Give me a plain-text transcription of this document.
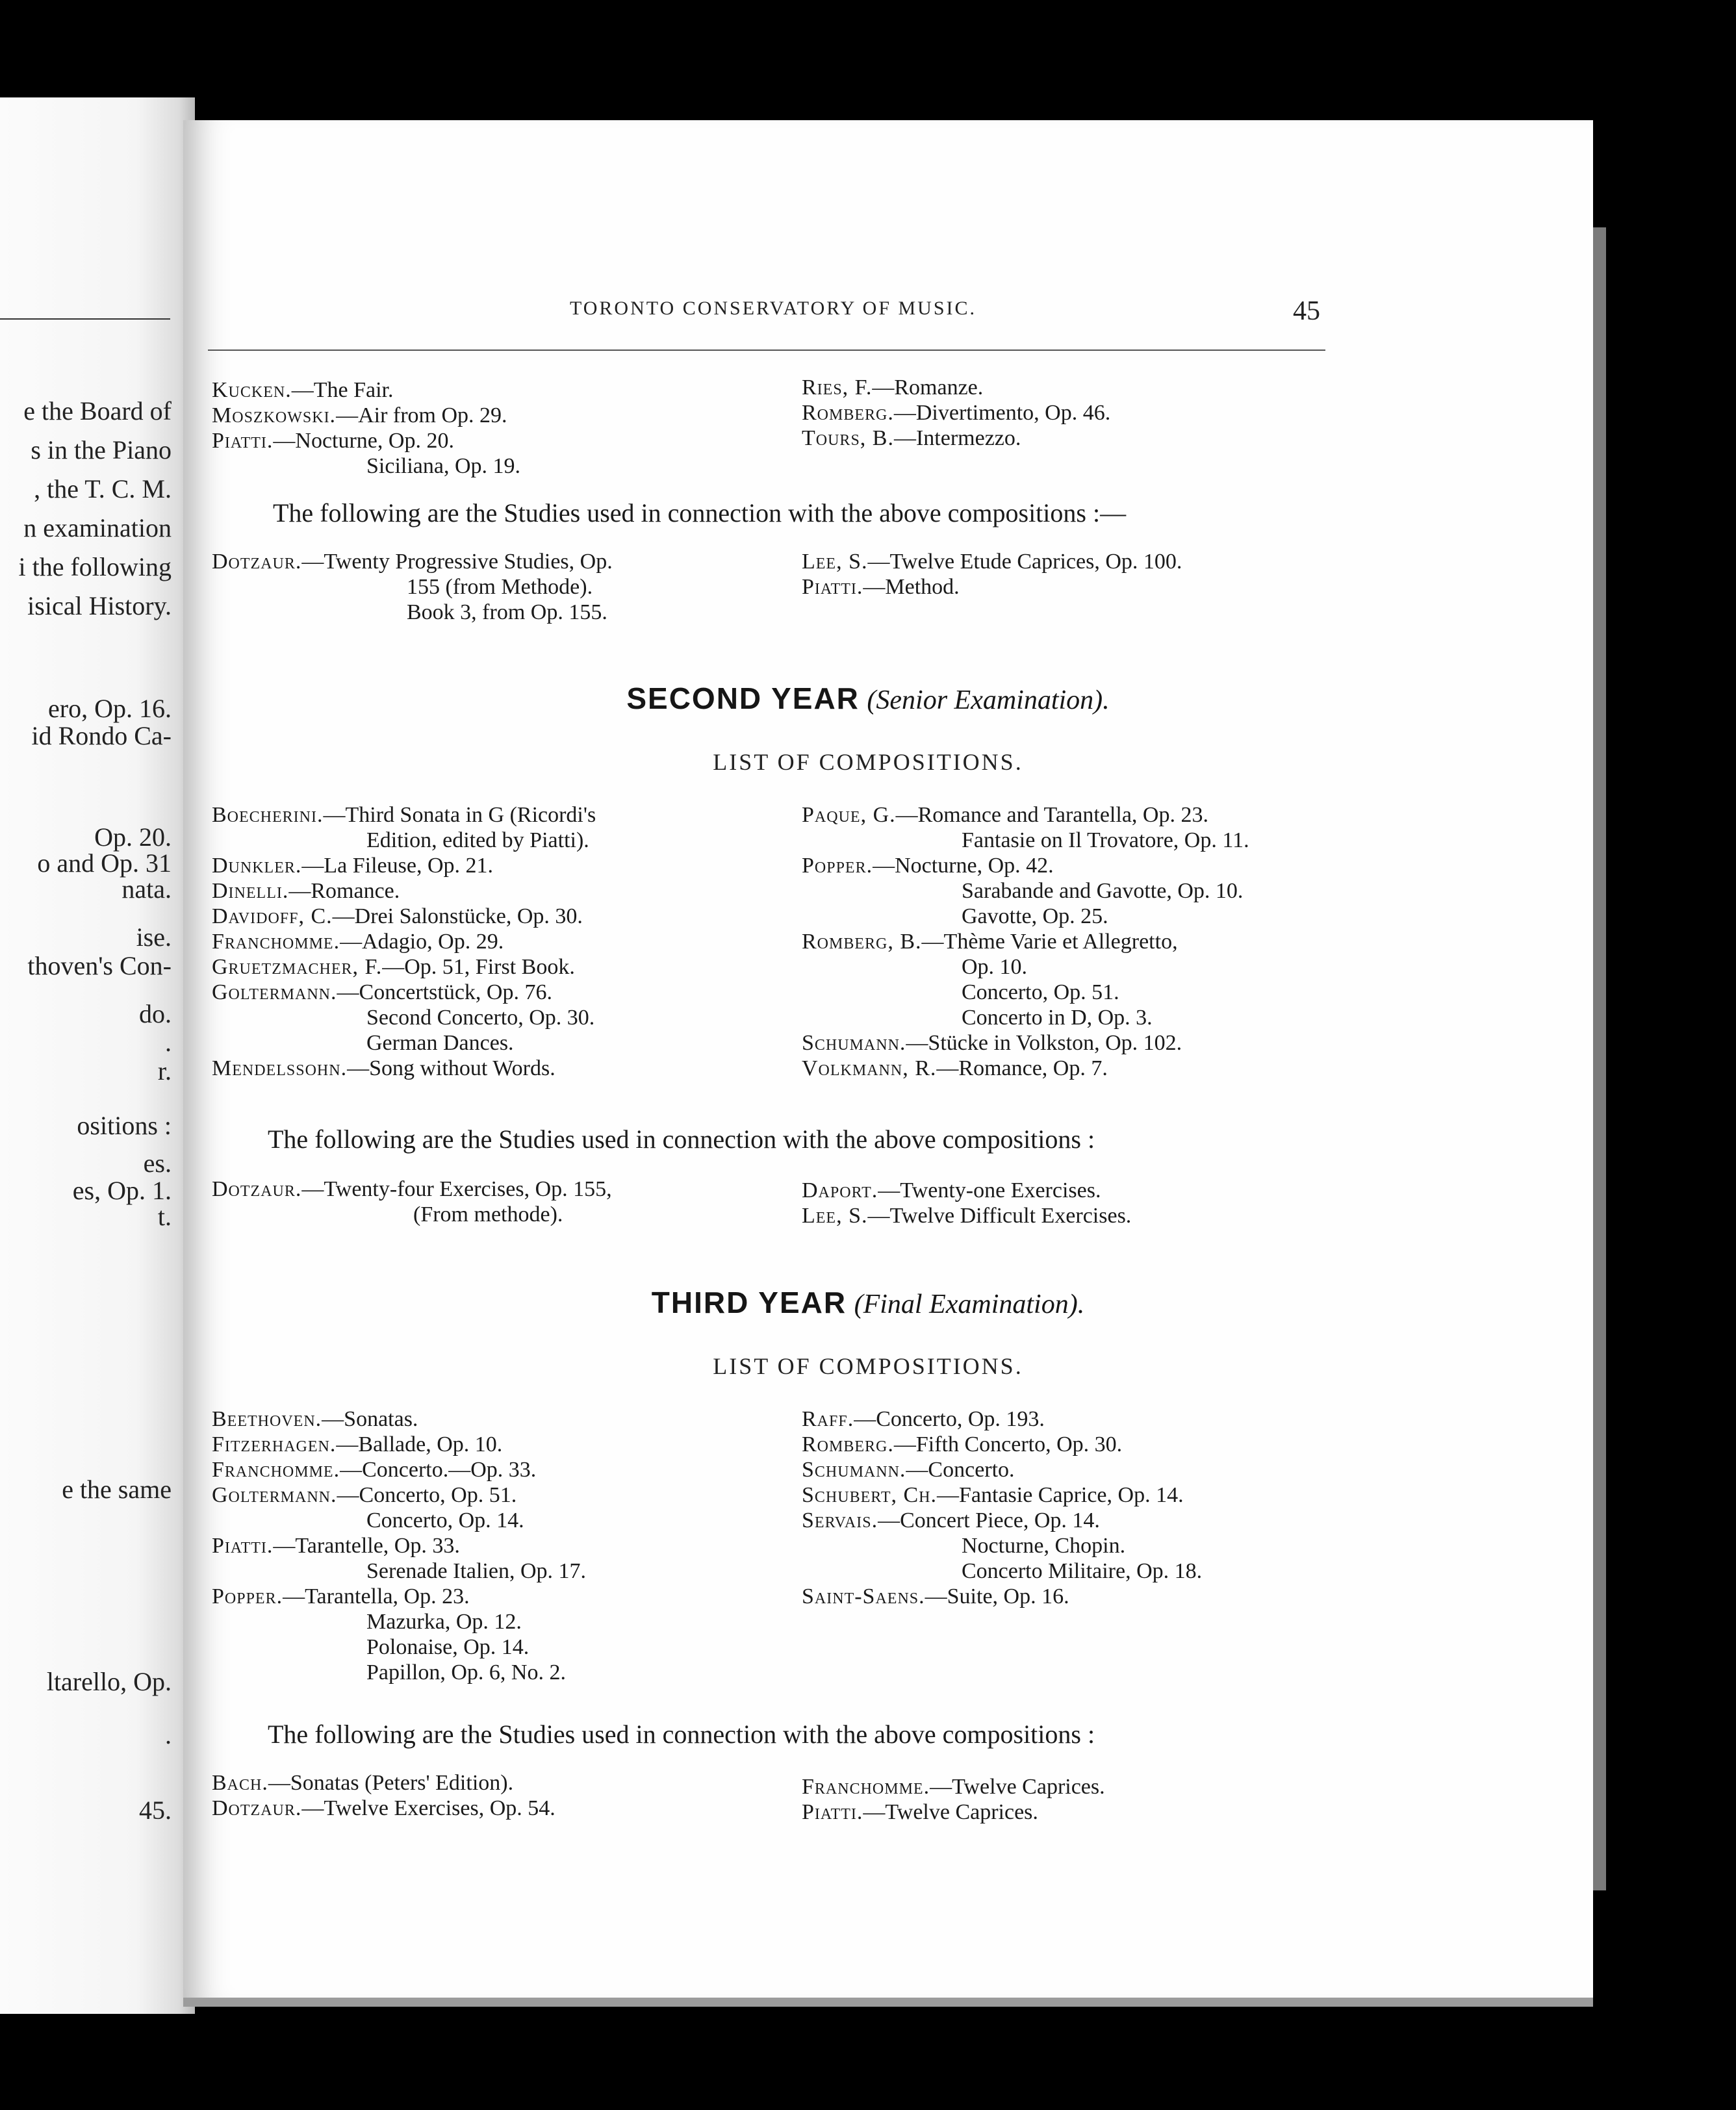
e the Board of
s in the Piano
, the T. C. M.
n examination
i the following
isical History.
ero, Op. 16.
id Rondo Ca-
Op. 20.
o and Op. 31
nata.
ise.
thoven's Con-
do.
.
r.
ositions :
es.
es, Op. 1.
t.
e the same
ltarello, Op.
.
45.
TORONTO CONSERVATORY OF MUSIC.	45
Kucken.—The Fair.
Moszkowski.—Air from Op. 29.
Piatti.—Nocturne, Op. 20.
Siciliana, Op. 19.
Ries, F.—Romanze.
Romberg.—Divertimento, Op. 46.
Tours, B.—Intermezzo.
The following are the Studies used in connection with the above compositions :—
Dotzaur.—Twenty Progressive Studies, Op.
155 (from Methode).
Book 3, from Op. 155.
Lee, S.—Twelve Etude Caprices, Op. 100.
Piatti.—Method.
SECOND YEAR (Senior Examination).
LIST OF COMPOSITIONS.
Boecherini.—Third Sonata in G (Ricordi's
Edition, edited by Piatti).
Dunkler.—La Fileuse, Op. 21.
Dinelli.—Romance.
Davidoff, C.—Drei Salonstücke, Op. 30.
Franchomme.—Adagio, Op. 29.
Gruetzmacher, F.—Op. 51, First Book.
Goltermann.—Concertstück, Op. 76.
Second Concerto, Op. 30.
German Dances.
Mendelssohn.—Song without Words.
Paque, G.—Romance and Tarantella, Op. 23.
Fantasie on Il Trovatore, Op. 11.
Popper.—Nocturne, Op. 42.
Sarabande and Gavotte, Op. 10.
Gavotte, Op. 25.
Romberg, B.—Thème Varie et Allegretto,
Op. 10.
Concerto, Op. 51.
Concerto in D, Op. 3.
Schumann.—Stücke in Volkston, Op. 102.
Volkmann, R.—Romance, Op. 7.
The following are the Studies used in connection with the above compositions :
Dotzaur.—Twenty-four Exercises, Op. 155,
(From methode).
Daport.—Twenty-one Exercises.
Lee, S.—Twelve Difficult Exercises.
THIRD YEAR (Final Examination).
LIST OF COMPOSITIONS.
Beethoven.—Sonatas.
Fitzerhagen.—Ballade, Op. 10.
Franchomme.—Concerto.—Op. 33.
Goltermann.—Concerto, Op. 51.
Concerto, Op. 14.
Piatti.—Tarantelle, Op. 33.
Serenade Italien, Op. 17.
Popper.—Tarantella, Op. 23.
Mazurka, Op. 12.
Polonaise, Op. 14.
Papillon, Op. 6, No. 2.
Raff.—Concerto, Op. 193.
Romberg.—Fifth Concerto, Op. 30.
Schumann.—Concerto.
Schubert, Ch.—Fantasie Caprice, Op. 14.
Servais.—Concert Piece, Op. 14.
Nocturne, Chopin.
Concerto Militaire, Op. 18.
Saint-Saens.—Suite, Op. 16.
The following are the Studies used in connection with the above compositions :
Bach.—Sonatas (Peters' Edition).
Dotzaur.—Twelve Exercises, Op. 54.
Franchomme.—Twelve Caprices.
Piatti.—Twelve Caprices.
